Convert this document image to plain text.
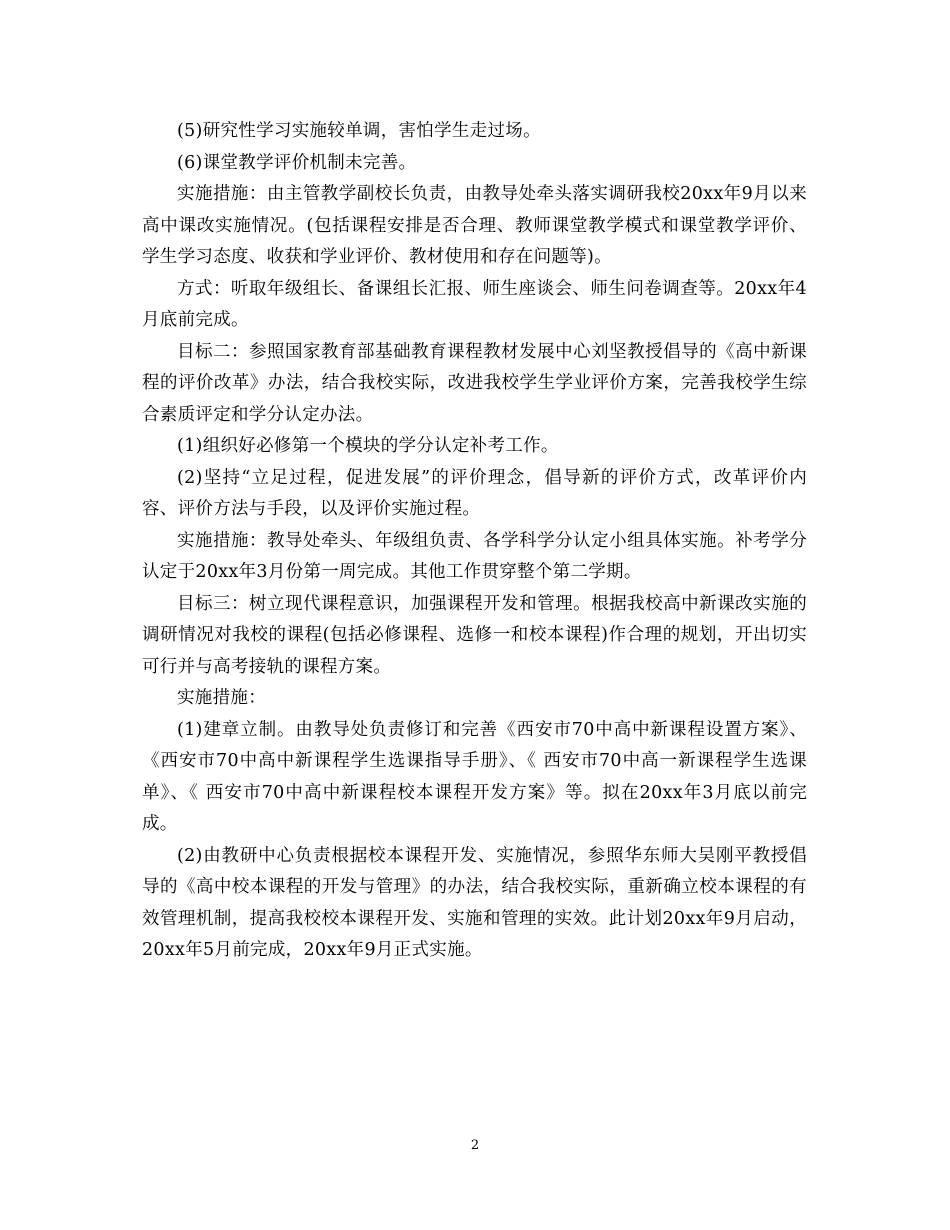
(5)研究性学习实施较单调，害怕学生走过场。

(6)课堂教学评价机制未完善。

实施措施：由主管教学副校长负责，由教导处牵头落实调研我校20xx年9月以来高中课改实施情况。(包括课程安排是否合理、教师课堂教学模式和课堂教学评价、学生学习态度、收获和学业评价、教材使用和存在问题等)。

方式：听取年级组长、备课组长汇报、师生座谈会、师生问卷调查等。20xx年4月底前完成。

目标二：参照国家教育部基础教育课程教材发展中心刘坚教授倡导的《高中新课程的评价改革》办法，结合我校实际，改进我校学生学业评价方案，完善我校学生综合素质评定和学分认定办法。

(1)组织好必修第一个模块的学分认定补考工作。

(2)坚持“立足过程，促进发展”的评价理念，倡导新的评价方式，改革评价内容、评价方法与手段，以及评价实施过程。

实施措施：教导处牵头、年级组负责、各学科学分认定小组具体实施。补考学分认定于20xx年3月份第一周完成。其他工作贯穿整个第二学期。

目标三：树立现代课程意识，加强课程开发和管理。根据我校高中新课改实施的调研情况对我校的课程(包括必修课程、选修一和校本课程)作合理的规划，开出切实可行并与高考接轨的课程方案。

实施措施：

(1)建章立制。由教导处负责修订和完善《西安市70中高中新课程设置方案》、《西安市70中高中新课程学生选课指导手册》、《 西安市70中高一新课程学生选课单》、《 西安市70中高中新课程校本课程开发方案》等。拟在20xx年3月底以前完成。

(2)由教研中心负责根据校本课程开发、实施情况，参照华东师大吴刚平教授倡导的《高中校本课程的开发与管理》的办法，结合我校实际，重新确立校本课程的有效管理机制，提高我校校本课程开发、实施和管理的实效。此计划20xx年9月启动， 20xx年5月前完成，20xx年9月正式实施。

2
